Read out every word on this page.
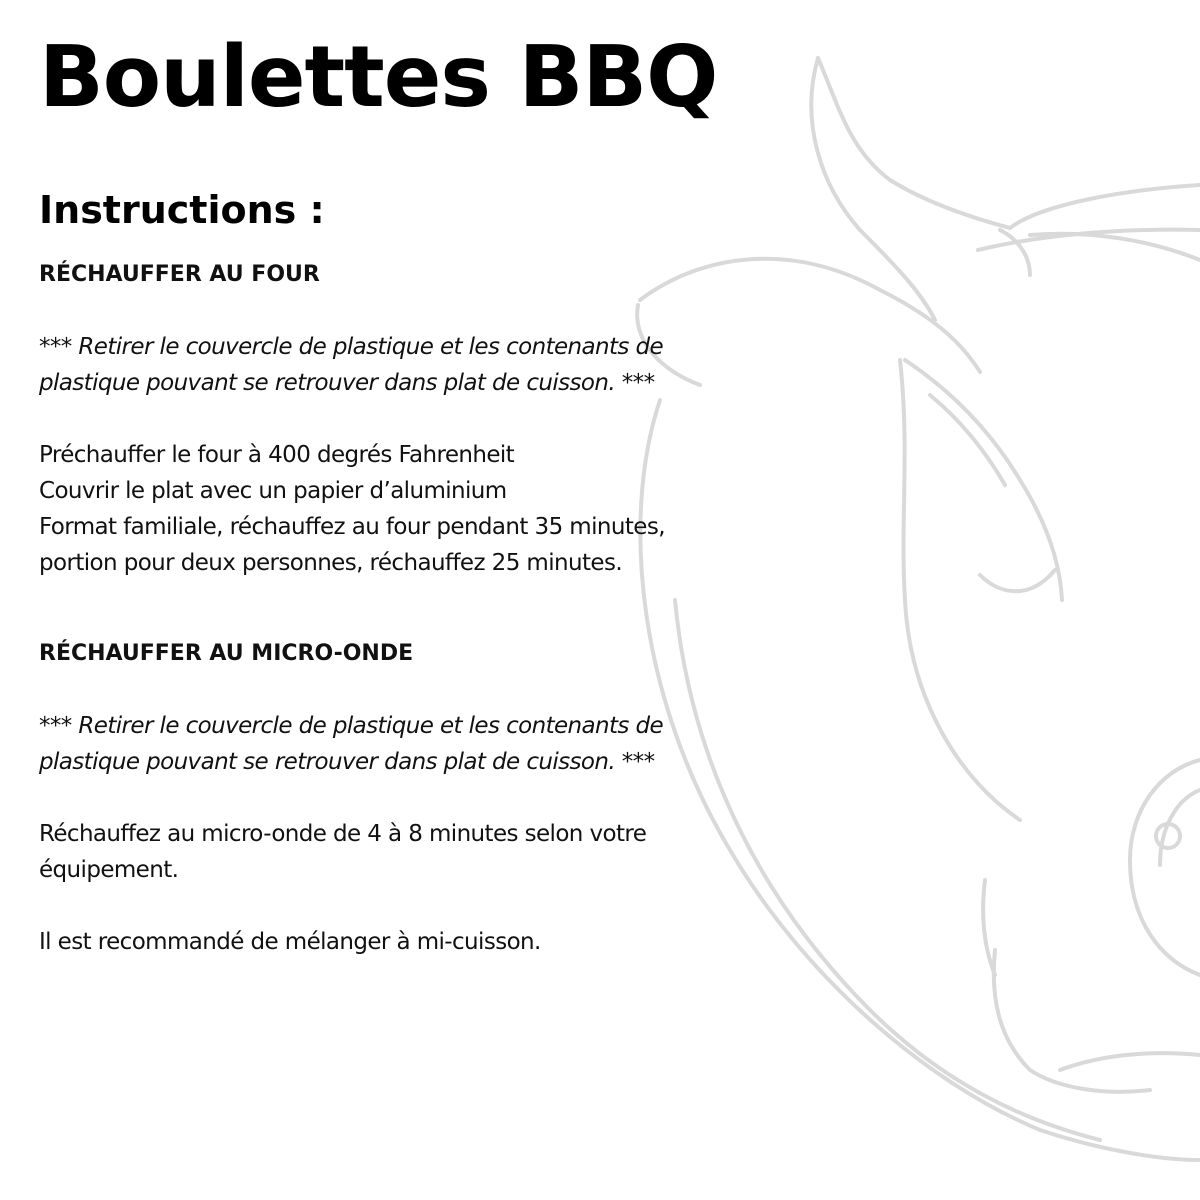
Boulettes BBQ
Instructions :
RÉCHAUFFER AU FOUR
*** Retirer le couvercle de plastique et les contenants de
plastique pouvant se retrouver dans plat de cuisson. ***
Préchauffer le four à 400 degrés Fahrenheit
Couvrir le plat avec un papier d’aluminium
Format familiale, réchauffez au four pendant 35 minutes,
portion pour deux personnes, réchauffez 25 minutes.
RÉCHAUFFER AU MICRO-ONDE
*** Retirer le couvercle de plastique et les contenants de
plastique pouvant se retrouver dans plat de cuisson. ***
Réchauffez au micro-onde de 4 à 8 minutes selon votre
équipement.
Il est recommandé de mélanger à mi-cuisson.
